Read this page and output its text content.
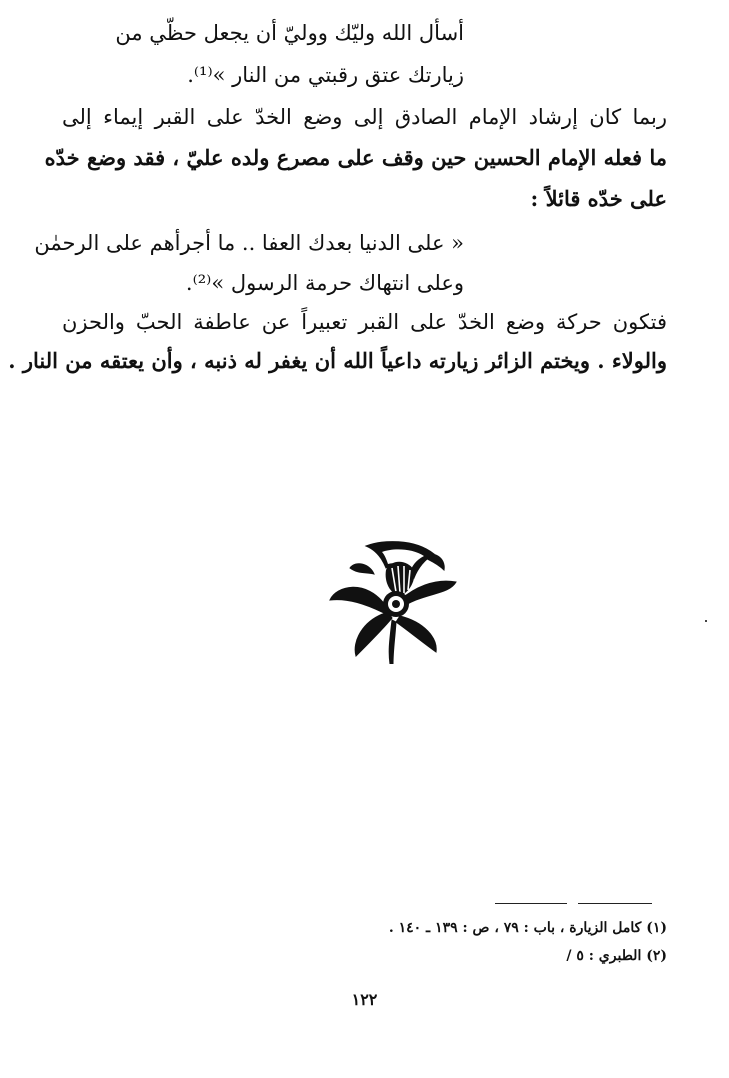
أسأل الله وليّك ووليّ أن يجعل حظّي من
زيارتك عتق رقبتي من النار »⁽¹⁾.
ربما كان إرشاد الإمام الصادق إلى وضع الخدّ على القبر إيماء إلى
ما فعله الإمام الحسين حين وقف على مصرع ولده عليّ ، فقد وضع خدّه
على خدّه قائلاً :
« على الدنيا بعدك العفا .. ما أجرأهم على الرحمٰن
وعلى انتهاك حرمة الرسول »⁽²⁾.
فتكون حركة وضع الخدّ على القبر تعبيراً عن عاطفة الحبّ والحزن
والولاء . ويختم الزائر زيارته داعياً الله أن يغفر له ذنبه ، وأن يعتقه من النار .
(١) كامل الزيارة ، باب : ٧٩ ، ص : ١٣٩ ـ ١٤٠ .
(٢) الطبري : ٥ /
١٢٢
